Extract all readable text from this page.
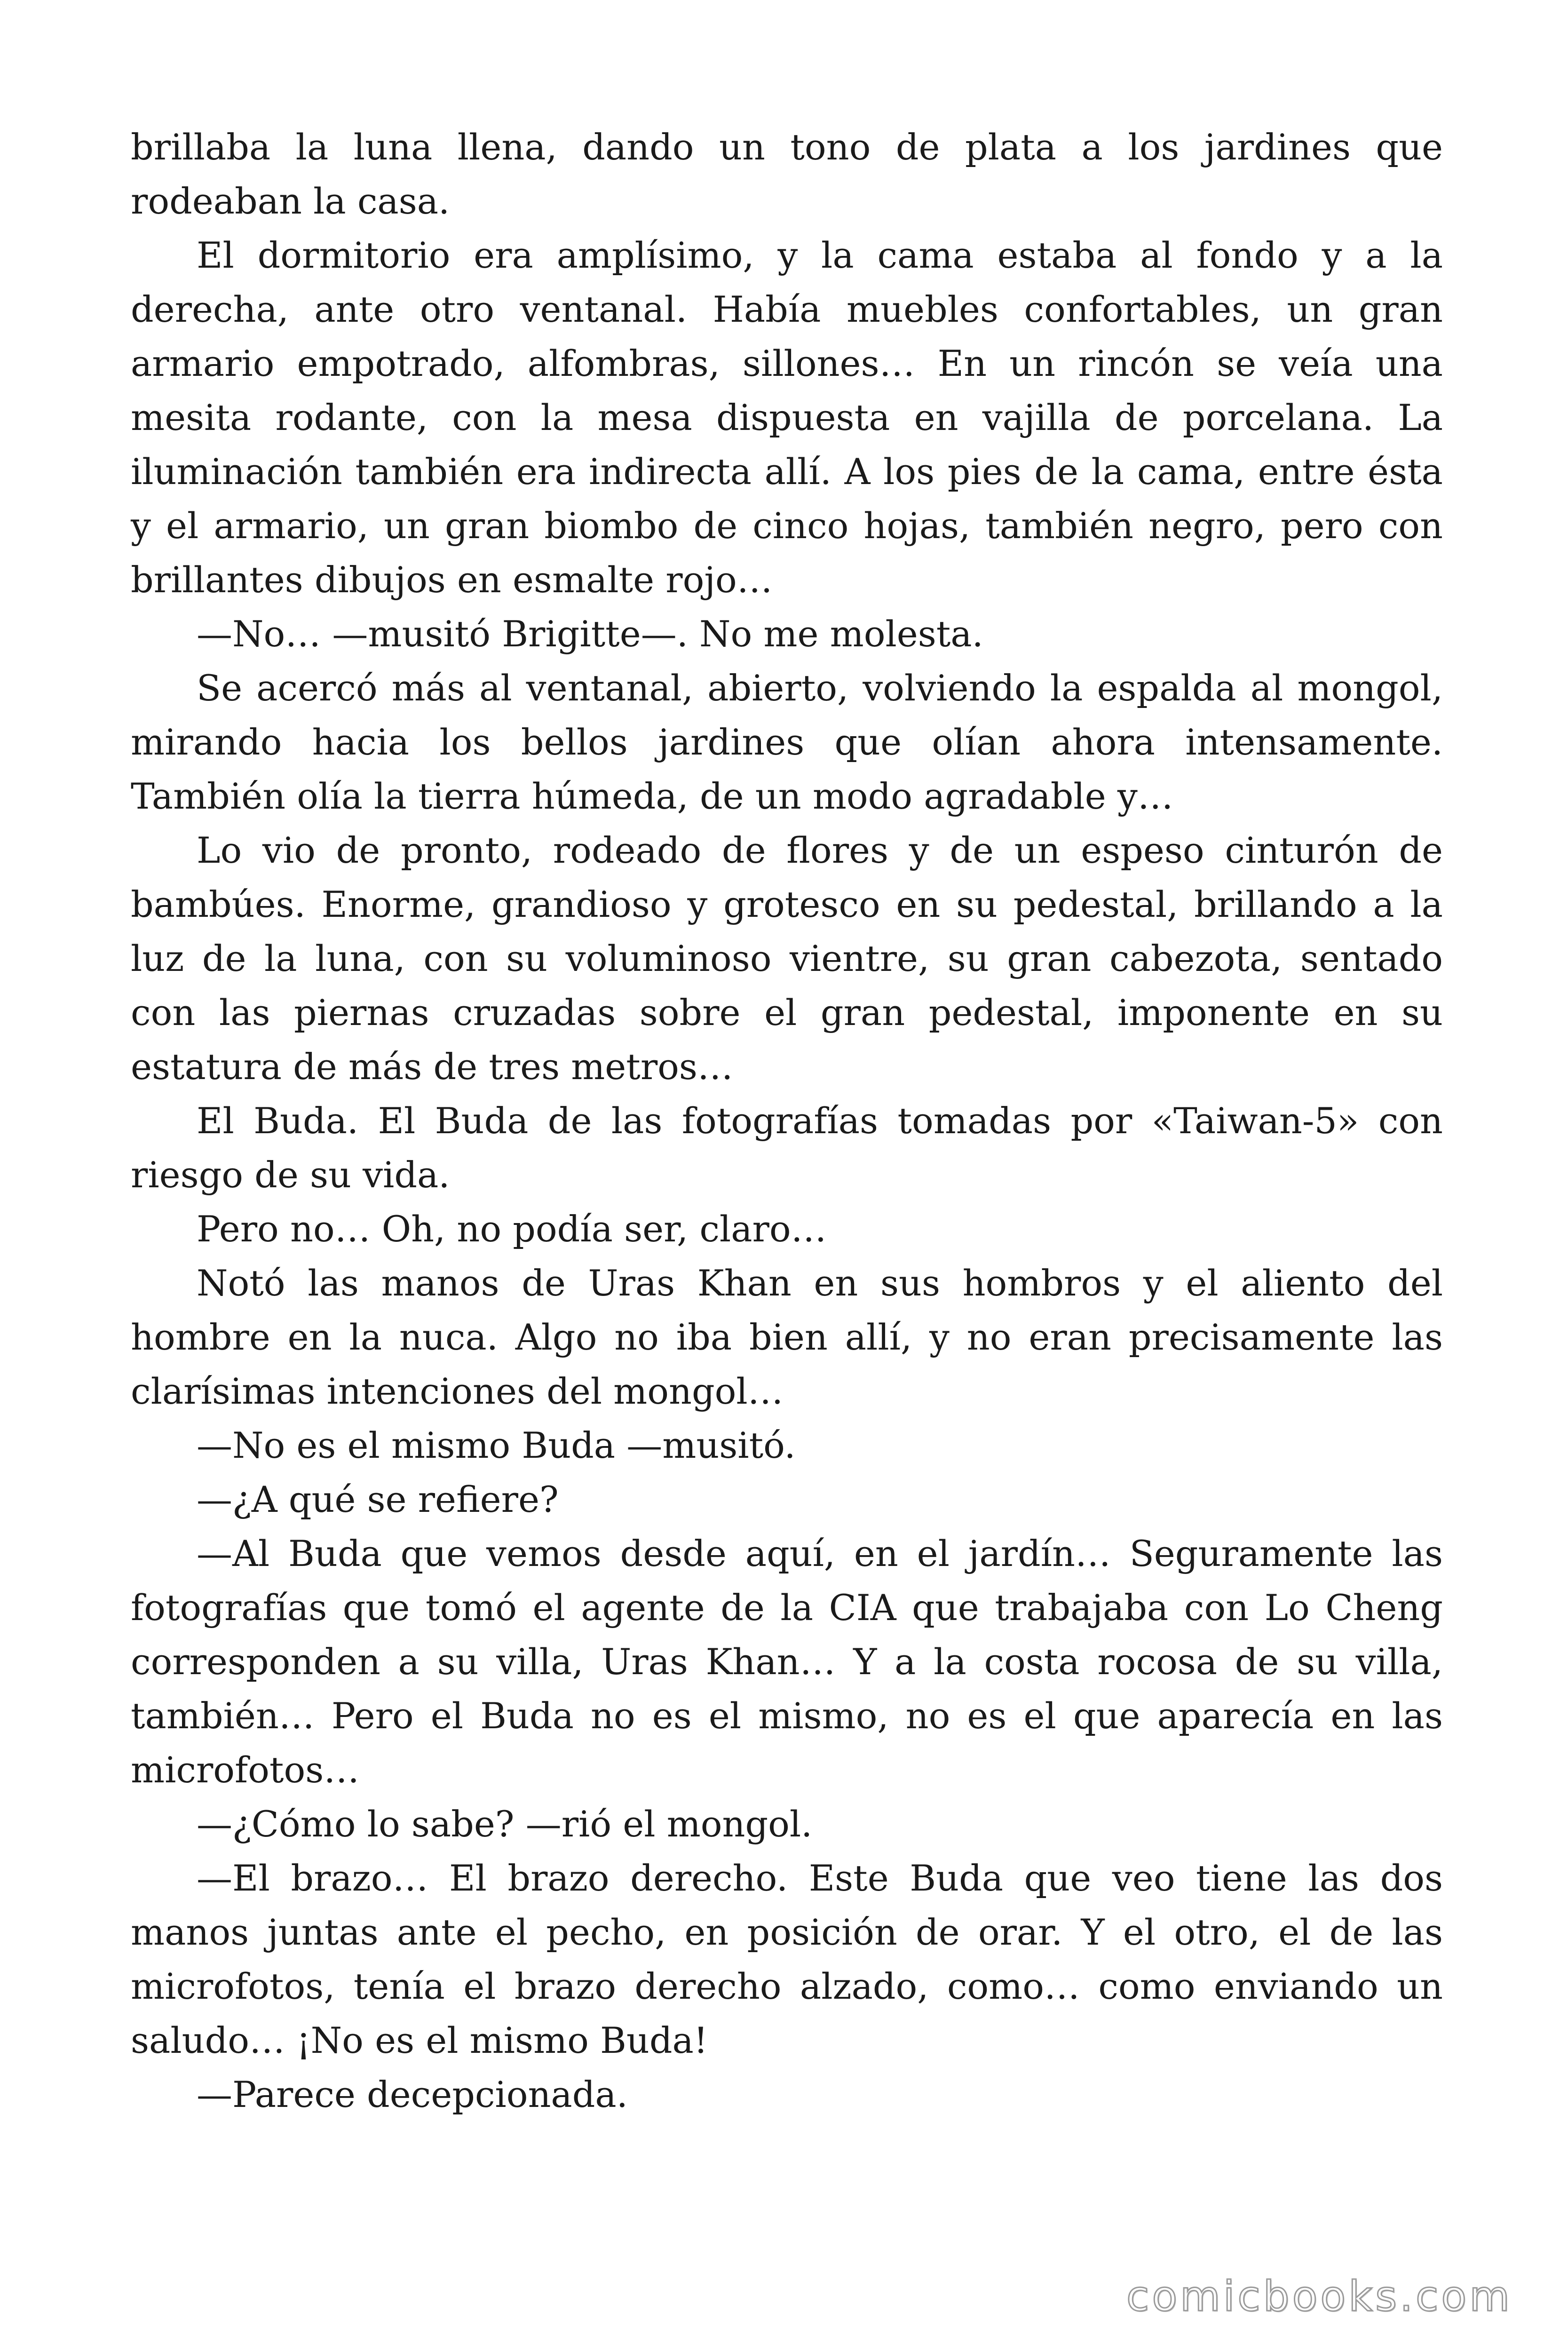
brillaba la luna llena, dando un tono de plata a los jardines que rodeaban la casa.

El dormitorio era amplísimo, y la cama estaba al fondo y a la derecha, ante otro ventanal. Había muebles confortables, un gran armario empotrado, alfombras, sillones… En un rincón se veía una mesita rodante, con la mesa dispuesta en vajilla de porcelana. La iluminación también era indirecta allí. A los pies de la cama, entre ésta y el armario, un gran biombo de cinco hojas, también negro, pero con brillantes dibujos en esmalte rojo…

—No… —musitó Brigitte—. No me molesta.

Se acercó más al ventanal, abierto, volviendo la espalda al mongol, mirando hacia los bellos jardines que olían ahora intensamente. También olía la tierra húmeda, de un modo agradable y…

Lo vio de pronto, rodeado de flores y de un espeso cinturón de bambúes. Enorme, grandioso y grotesco en su pedestal, brillando a la luz de la luna, con su voluminoso vientre, su gran cabezota, sentado con las piernas cruzadas sobre el gran pedestal, imponente en su estatura de más de tres metros…

El Buda. El Buda de las fotografías tomadas por «Taiwan-5» con riesgo de su vida.

Pero no… Oh, no podía ser, claro…

Notó las manos de Uras Khan en sus hombros y el aliento del hombre en la nuca. Algo no iba bien allí, y no eran precisamente las clarísimas intenciones del mongol…

—No es el mismo Buda —musitó.

—¿A qué se refiere?

—Al Buda que vemos desde aquí, en el jardín… Seguramente las fotografías que tomó el agente de la CIA que trabajaba con Lo Cheng corresponden a su villa, Uras Khan… Y a la costa rocosa de su villa, también… Pero el Buda no es el mismo, no es el que aparecía en las microfotos…

—¿Cómo lo sabe? —rió el mongol.

—El brazo… El brazo derecho. Este Buda que veo tiene las dos manos juntas ante el pecho, en posición de orar. Y el otro, el de las microfotos, tenía el brazo derecho alzado, como… como enviando un saludo… ¡No es el mismo Buda!

—Parece decepcionada.

comicbooks.com
